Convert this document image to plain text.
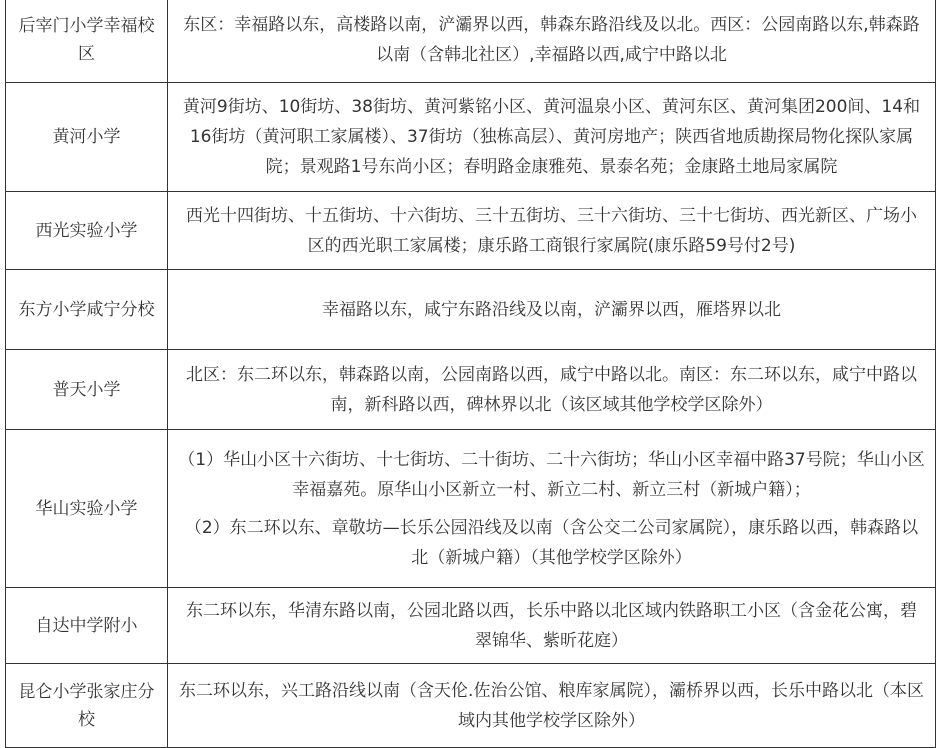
后宰门小学幸福校区	东区：幸福路以东，高楼路以南，浐灞界以西，韩森东路沿线及以北。西区：公园南路以东,韩森路以南（含韩北社区）,幸福路以西,咸宁中路以北

黄河小学	黄河9街坊、10街坊、38街坊、黄河紫铭小区、黄河温泉小区、黄河东区、黄河集团200间、14和16街坊（黄河职工家属楼）、37街坊（独栋高层）、黄河房地产；陕西省地质勘探局物化探队家属院；景观路1号东尚小区；春明路金康雅苑、景泰名苑；金康路土地局家属院

西光实验小学	西光十四街坊、十五街坊、十六街坊、三十五街坊、三十六街坊、三十七街坊、西光新区、广场小区的西光职工家属楼；康乐路工商银行家属院(康乐路59号付2号)

东方小学咸宁分校	幸福路以东，咸宁东路沿线及以南，浐灞界以西，雁塔界以北

普天小学	北区：东二环以东，韩森路以南，公园南路以西，咸宁中路以北。南区：东二环以东，咸宁中路以南，新科路以西，碑林界以北（该区域其他学校学区除外）

华山实验小学	（1）华山小区十六街坊、十七街坊、二十街坊、二十六街坊；华山小区幸福中路37号院；华山小区幸福嘉苑。原华山小区新立一村、新立二村、新立三村（新城户籍）；
（2）东二环以东、章敬坊—长乐公园沿线及以南（含公交二公司家属院），康乐路以西，韩森路以北（新城户籍）（其他学校学区除外）

自达中学附小	东二环以东，华清东路以南，公园北路以西，长乐中路以北区域内铁路职工小区（含金花公寓，碧翠锦华、紫昕花庭）

昆仑小学张家庄分校	东二环以东，兴工路沿线以南（含天伦.佐治公馆、粮库家属院），灞桥界以西，长乐中路以北（本区域内其他学校学区除外）
